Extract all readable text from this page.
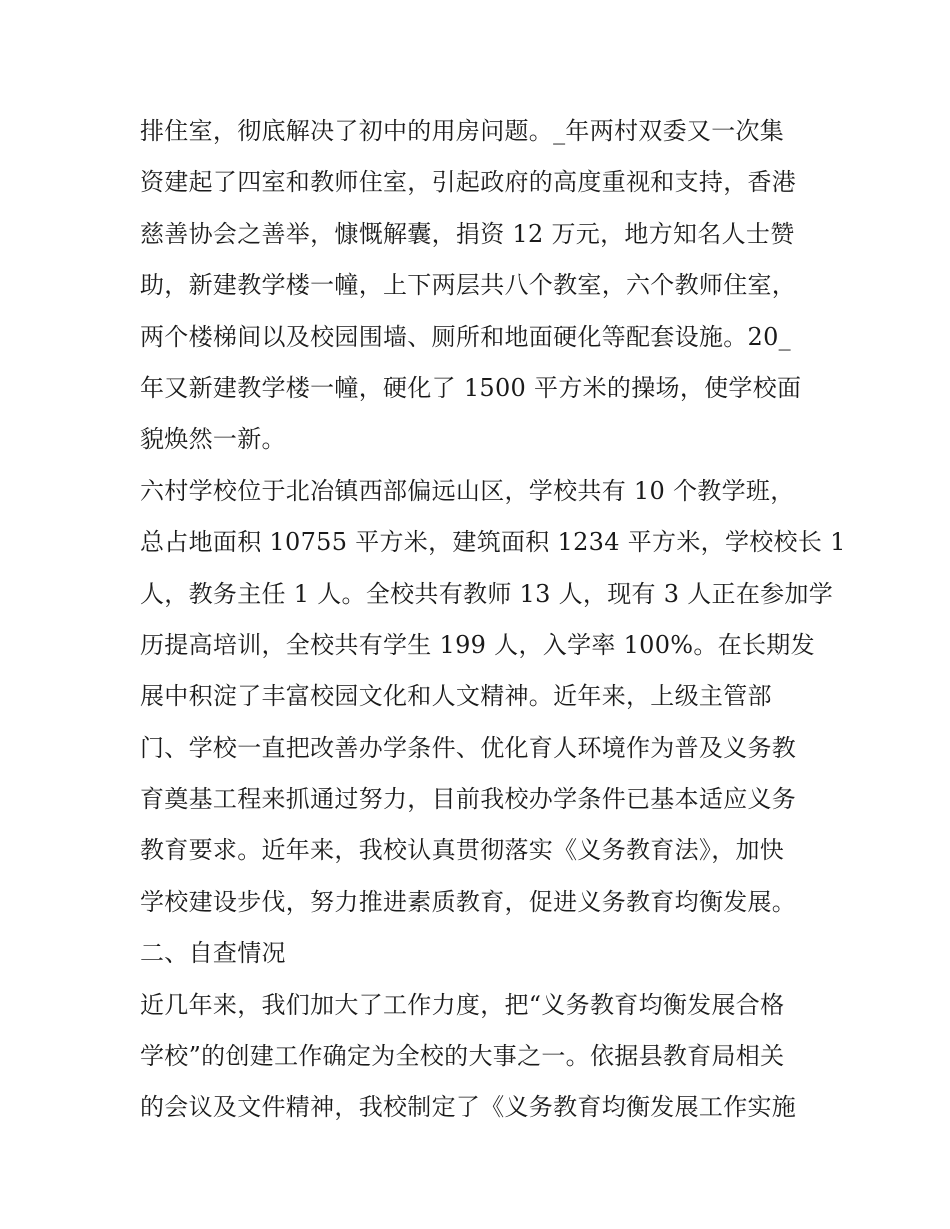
排住室，彻底解决了初中的用房问题。_年两村双委又一次集
资建起了四室和教师住室，引起政府的高度重视和支持，香港
慈善协会之善举，慷慨解囊，捐资 12 万元，地方知名人士赞
助，新建教学楼一幢，上下两层共八个教室，六个教师住室，
两个楼梯间以及校园围墙、厕所和地面硬化等配套设施。20_
年又新建教学楼一幢，硬化了 1500 平方米的操场，使学校面
貌焕然一新。
六村学校位于北冶镇西部偏远山区，学校共有 10 个教学班，
总占地面积 10755 平方米，建筑面积 1234 平方米，学校校长 1
人，教务主任 1 人。全校共有教师 13 人，现有 3 人正在参加学
历提高培训，全校共有学生 199 人，入学率 100%。在长期发
展中积淀了丰富校园文化和人文精神。近年来，上级主管部
门、学校一直把改善办学条件、优化育人环境作为普及义务教
育奠基工程来抓通过努力，目前我校办学条件已基本适应义务
教育要求。近年来，我校认真贯彻落实《义务教育法》，加快
学校建设步伐，努力推进素质教育，促进义务教育均衡发展。
二、自查情况
近几年来，我们加大了工作力度，把“义务教育均衡发展合格
学校”的创建工作确定为全校的大事之一。依据县教育局相关
的会议及文件精神，我校制定了《义务教育均衡发展工作实施
